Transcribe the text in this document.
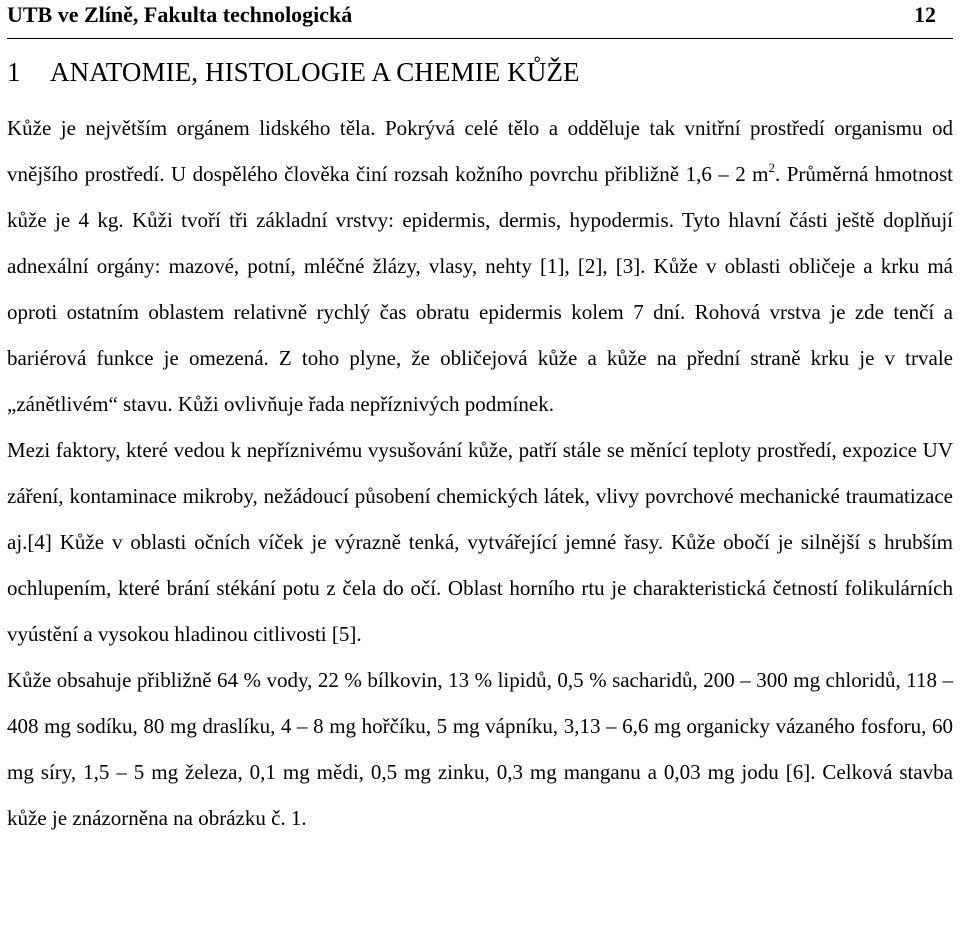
UTB ve Zlíně, Fakulta technologická	12
1 ANATOMIE, HISTOLOGIE A CHEMIE KŮŽE

Kůže je největším orgánem lidského těla. Pokrývá celé tělo a odděluje tak vnitřní prostředí organismu od vnějšího prostředí. U dospělého člověka činí rozsah kožního povrchu přibližně 1,6 – 2 $m^2$. Průměrná hmotnost kůže je 4 kg. Kůži tvoří tři základní vrstvy: epidermis, dermis, hypodermis. Tyto hlavní části ještě doplňují adnexální orgány: mazové, potní, mléčné žlázy, vlasy, nehty [1], [2], [3]. Kůže v oblasti obličeje a krku má oproti ostatním oblastem relativně rychlý čas obratu epidermis kolem 7 dní. Rohová vrstva je zde tenčí a bariérová funkce je omezená. Z toho plyne, že obličejová kůže a kůže na přední straně krku je v trvale „zánětlivém“ stavu. Kůži ovlivňuje řada nepříznivých podmínek.

Mezi faktory, které vedou k nepříznivému vysušování kůže, patří stále se měnící teploty prostředí, expozice UV záření, kontaminace mikroby, nežádoucí působení chemických látek, vlivy povrchové mechanické traumatizace aj.[4] Kůže v oblasti očních víček je výrazně tenká, vytvářející jemné řasy. Kůže obočí je silnější s hrubším ochlupením, které brání stékání potu z čela do očí. Oblast horního rtu je charakteristická četností folikulárních vyústění a vysokou hladinou citlivosti [5].

Kůže obsahuje přibližně 64 % vody, 22 % bílkovin, 13 % lipidů, 0,5 % sacharidů, 200 – 300 mg chloridů, 118 – 408 mg sodíku, 80 mg draslíku, 4 – 8 mg hořčíku, 5 mg vápníku, 3,13 – 6,6 mg organicky vázaného fosforu, 60 mg síry, 1,5 – 5 mg železa, 0,1 mg mědi, 0,5 mg zinku, 0,3 mg manganu a 0,03 mg jodu [6]. Celková stavba kůže je znázorněna na obrázku č. 1.
